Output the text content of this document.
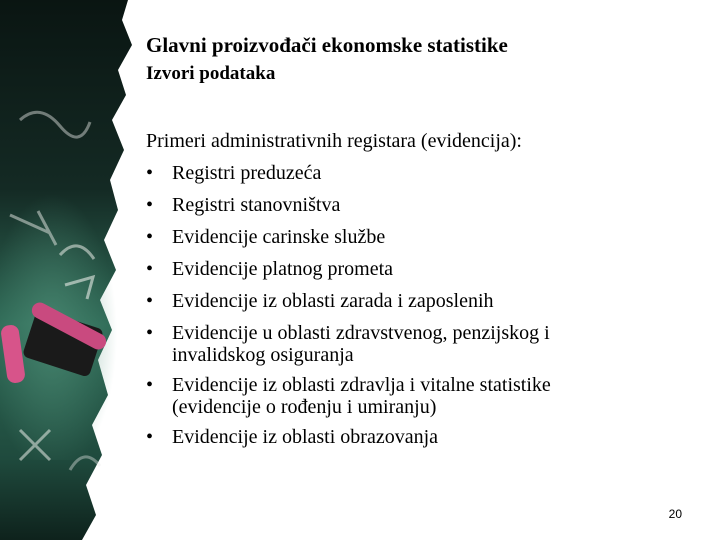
Glavni proizvođači ekonomske statistike
Izvori podataka

Primeri administrativnih registara (evidencija):

• Registri preduzeća
• Registri stanovništva
• Evidencije carinske službe
• Evidencije platnog prometa
• Evidencije iz oblasti zarada i zaposlenih
• Evidencije u oblasti zdravstvenog, penzijskog i
invalidskog osiguranja
• Evidencije iz oblasti zdravlja i vitalne statistike
(evidencije o rođenju i umiranju)
• Evidencije iz oblasti obrazovanja
20
